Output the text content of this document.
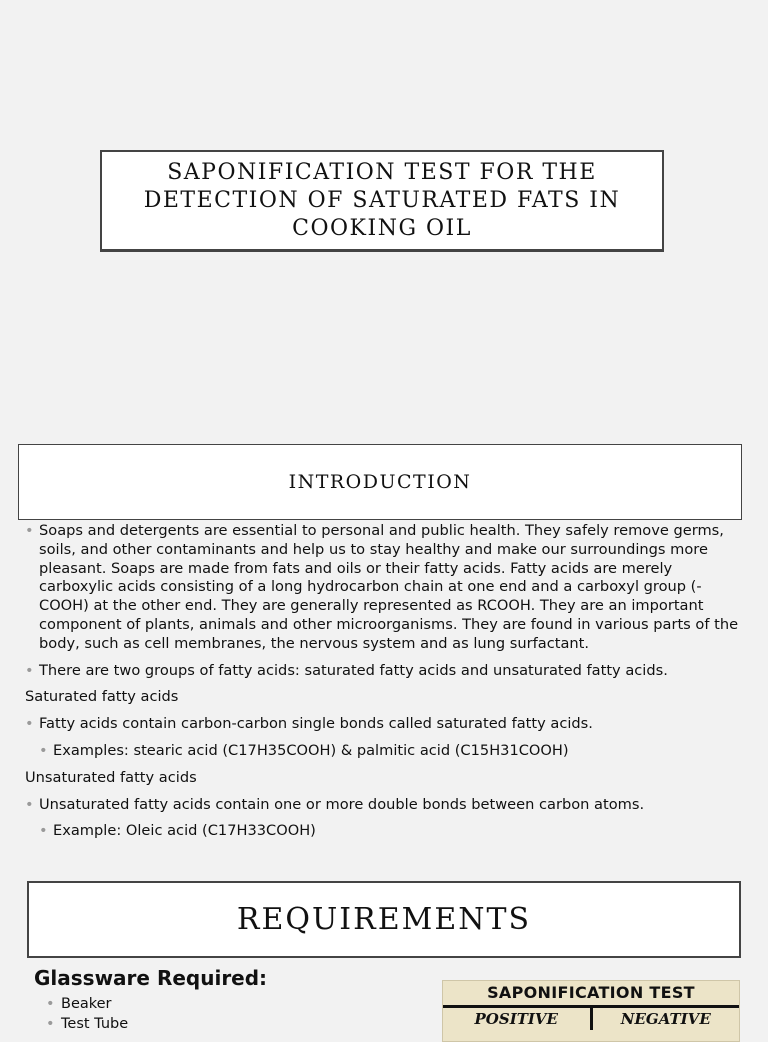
SAPONIFICATION TEST FOR THE DETECTION OF SATURATED FATS IN COOKING OIL
INTRODUCTION
• Soaps and detergents are essential to personal and public health. They safely remove germs, soils, and other contaminants and help us to stay healthy and make our surroundings more pleasant. Soaps are made from fats and oils or their fatty acids. Fatty acids are merely carboxylic acids consisting of a long hydrocarbon chain at one end and a carboxyl group (-COOH) at the other end. They are generally represented as RCOOH. They are an important component of plants, animals and other microorganisms. They are found in various parts of the body, such as cell membranes, the nervous system and as lung surfactant.
• There are two groups of fatty acids: saturated fatty acids and unsaturated fatty acids.
Saturated fatty acids
• Fatty acids contain carbon-carbon single bonds called saturated fatty acids.
• Examples: stearic acid (C17H35COOH) & palmitic acid (C15H31COOH)
Unsaturated fatty acids
• Unsaturated fatty acids contain one or more double bonds between carbon atoms.
• Example: Oleic acid (C17H33COOH)
REQUIREMENTS
Glassware Required:
• Beaker
• Test Tube
SAPONIFICATION TEST
POSITIVE	NEGATIVE
